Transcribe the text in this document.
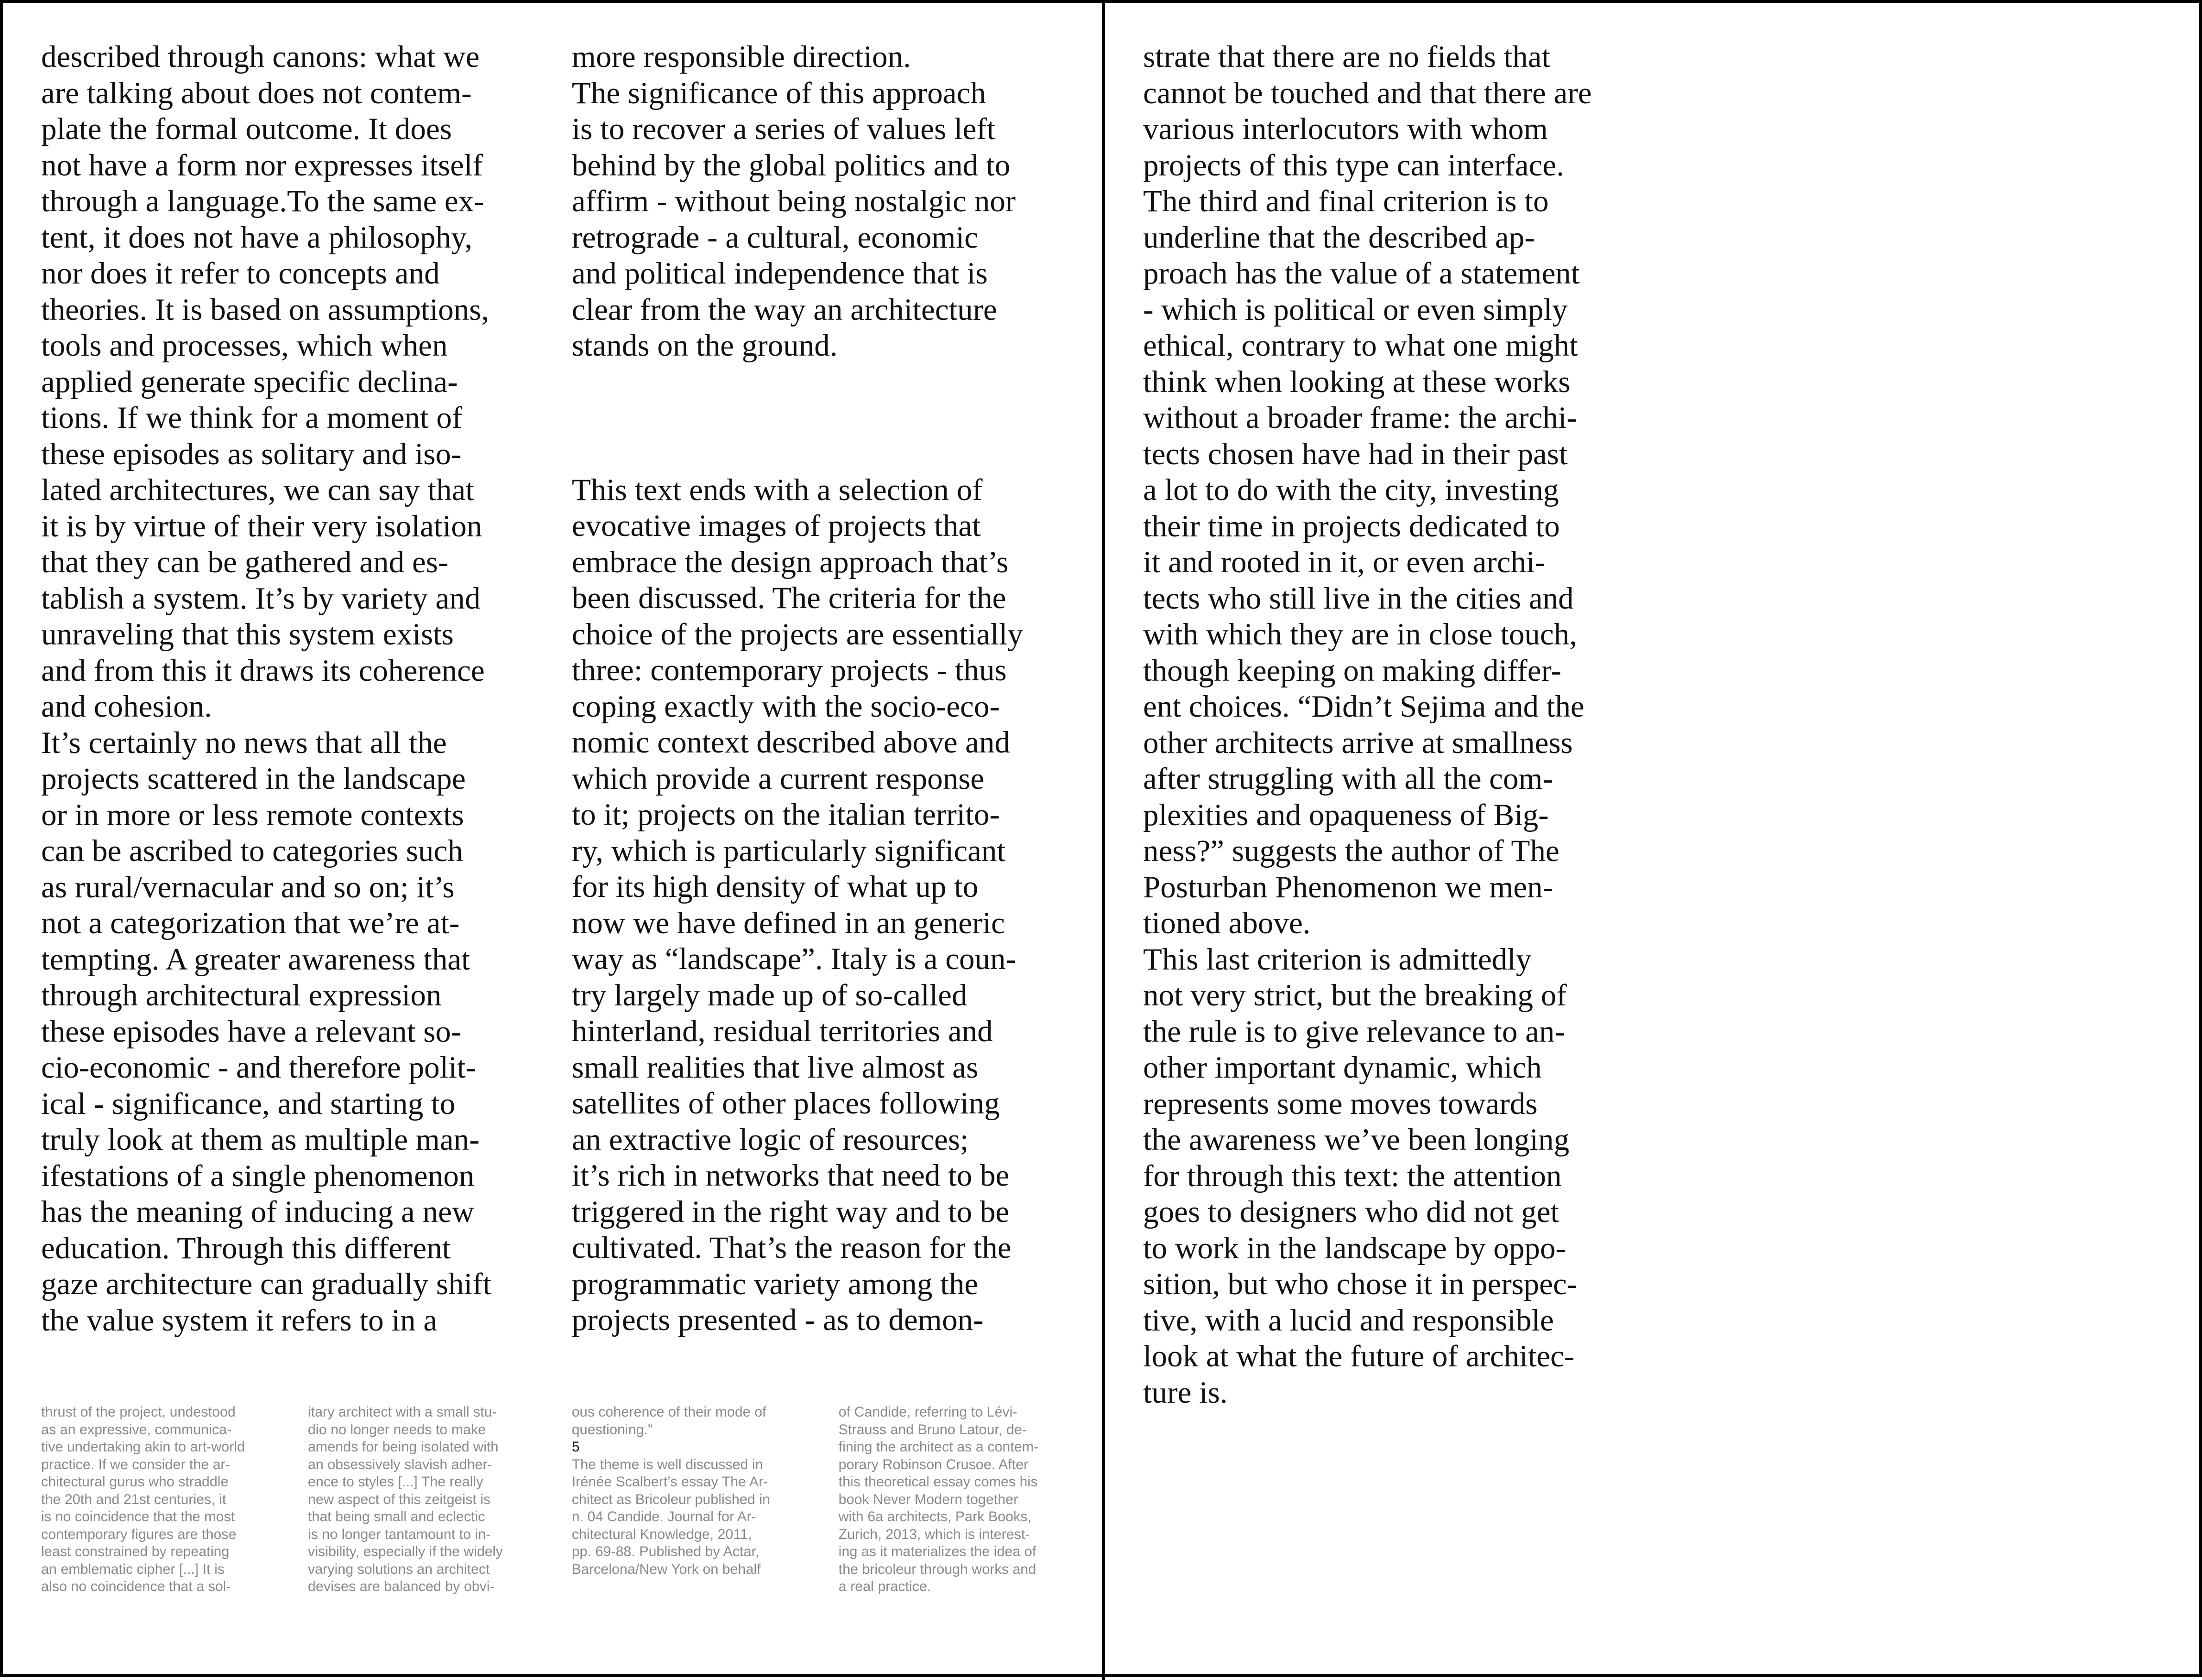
described through canons: what we
are talking about does not contem-
plate the formal outcome. It does
not have a form nor expresses itself
through a language.To the same ex-
tent, it does not have a philosophy,
nor does it refer to concepts and
theories. It is based on assumptions,
tools and processes, which when
applied generate specific declina-
tions. If we think for a moment of
these episodes as solitary and iso-
lated architectures, we can say that
it is by virtue of their very isolation
that they can be gathered and es-
tablish a system. It’s by variety and
unraveling that this system exists
and from this it draws its coherence
and cohesion.

It’s certainly no news that all the
projects scattered in the landscape
or in more or less remote contexts
can be ascribed to categories such
as rural/vernacular and so on; it’s
not a categorization that we’re at-
tempting. A greater awareness that
through architectural expression
these episodes have a relevant so-
cio-economic - and therefore polit-
ical - significance, and starting to
truly look at them as multiple man-
ifestations of a single phenomenon
has the meaning of inducing a new
education. Through this different
gaze architecture can gradually shift
the value system it refers to in a

more responsible direction.

The significance of this approach
is to recover a series of values left
behind by the global politics and to
affirm - without being nostalgic nor
retrograde - a cultural, economic
and political independence that is
clear from the way an architecture
stands on the ground.

This text ends with a selection of
evocative images of projects that
embrace the design approach that’s
been discussed. The criteria for the
choice of the projects are essentially
three: contemporary projects - thus
coping exactly with the socio-eco-
nomic context described above and
which provide a current response
to it; projects on the italian territo-
ry, which is particularly significant
for its high density of what up to
now we have defined in an generic
way as “landscape”. Italy is a coun-
try largely made up of so-called
hinterland, residual territories and
small realities that live almost as
satellites of other places following
an extractive logic of resources;
it’s rich in networks that need to be
triggered in the right way and to be
cultivated. That’s the reason for the
programmatic variety among the
projects presented - as to demon-

strate that there are no fields that
cannot be touched and that there are
various interlocutors with whom
projects of this type can interface.

The third and final criterion is to
underline that the described ap-
proach has the value of a statement
- which is political or even simply
ethical, contrary to what one might
think when looking at these works
without a broader frame: the archi-
tects chosen have had in their past
a lot to do with the city, investing
their time in projects dedicated to
it and rooted in it, or even archi-
tects who still live in the cities and
with which they are in close touch,
though keeping on making differ-
ent choices. “Didn’t Sejima and the
other architects arrive at smallness
after struggling with all the com-
plexities and opaqueness of Big-
ness?” suggests the author of The
Posturban Phenomenon we men-
tioned above.

This last criterion is admittedly
not very strict, but the breaking of
the rule is to give relevance to an-
other important dynamic, which
represents some moves towards
the awareness we’ve been longing
for through this text: the attention
goes to designers who did not get
to work in the landscape by oppo-
sition, but who chose it in perspec-
tive, with a lucid and responsible
look at what the future of architec-
ture is.

thrust of the project, undestood
as an expressive, communica-
tive undertaking akin to art-world
practice. If we consider the ar-
chitectural gurus who straddle
the 20th and 21st centuries, it
is no coincidence that the most
contemporary figures are those
least constrained by repeating
an emblematic cipher [...] It is
also no coincidence that a sol-

itary architect with a small stu-
dio no longer needs to make
amends for being isolated with
an obsessively slavish adher-
ence to styles [...] The really
new aspect of this zeitgeist is
that being small and eclectic
is no longer tantamount to in-
visibility, especially if the widely
varying solutions an architect
devises are balanced by obvi-

ous coherence of their mode of
questioning.”

5

The theme is well discussed in
Irénée Scalbert’s essay The Ar-
chitect as Bricoleur published in
n. 04 Candide. Journal for Ar-
chitectural Knowledge, 2011,
pp. 69-88. Published by Actar,
Barcelona/New York on behalf

of Candide, referring to Lévi-
Strauss and Bruno Latour, de-
fining the architect as a contem-
porary Robinson Crusoe. After
this theoretical essay comes his
book Never Modern together
with 6a architects, Park Books,
Zurich, 2013, which is interest-
ing as it materializes the idea of
the bricoleur through works and
a real practice.
